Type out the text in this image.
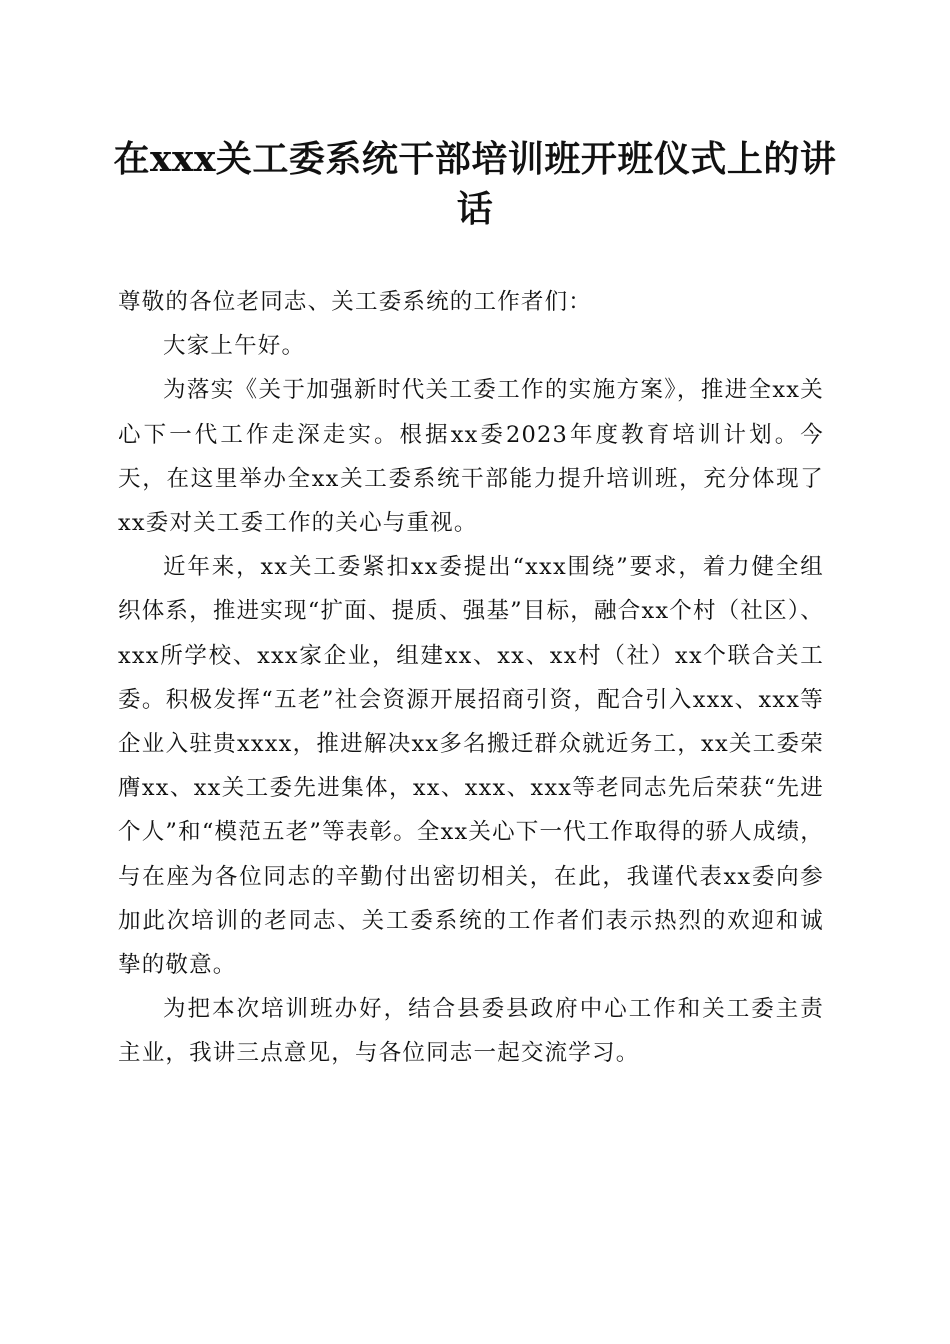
在xxx关工委系统干部培训班开班仪式上的讲话

尊敬的各位老同志、关工委系统的工作者们：

大家上午好。

为落实《关于加强新时代关工委工作的实施方案》，推进全xx关心下一代工作走深走实。根据xx委2023年度教育培训计划。今天，在这里举办全xx关工委系统干部能力提升培训班，充分体现了xx委对关工委工作的关心与重视。

近年来，xx关工委紧扣xx委提出“xxx围绕”要求，着力健全组织体系，推进实现“扩面、提质、强基”目标，融合xx个村（社区）、xxx所学校、xxx家企业，组建xx、xx、xx村（社）xx个联合关工委。积极发挥“五老”社会资源开展招商引资，配合引入xxx、xxx等企业入驻贵xxxx，推进解决xx多名搬迁群众就近务工，xx关工委荣膺xx、xx关工委先进集体，xx、xxx、xxx等老同志先后荣获“先进个人”和“模范五老”等表彰。全xx关心下一代工作取得的骄人成绩，与在座为各位同志的辛勤付出密切相关，在此，我谨代表xx委向参加此次培训的老同志、关工委系统的工作者们表示热烈的欢迎和诚挚的敬意。

为把本次培训班办好，结合县委县政府中心工作和关工委主责主业，我讲三点意见，与各位同志一起交流学习。
